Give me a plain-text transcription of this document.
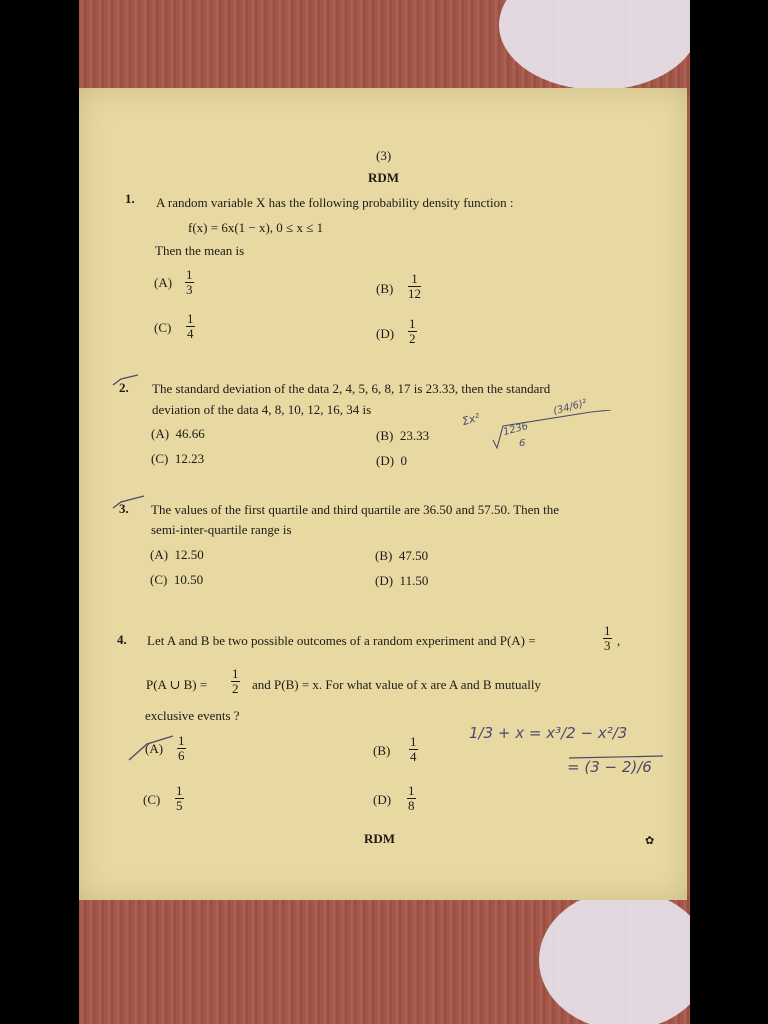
(3)
RDM
1. A random variable X has the following probability density function :
f(x) = 6x(1 − x), 0 ≤ x ≤ 1
Then the mean is
$(A) \frac{1}{3}$	$(B) \frac{1}{12}$
$(C) \frac{1}{4}$	$(D) \frac{1}{2}$
2. The standard deviation of the data 2, 4, 5, 6, 8, 17 is 23.33, then the standard
deviation of the data 4, 8, 10, 12, 16, 34 is
(A) 46.66	(B) 23.33
(C) 12.23	(D) 0
3. The values of the first quartile and third quartile are 36.50 and 57.50. Then the
semi-inter-quartile range is
(A) 12.50	(B) 47.50
(C) 10.50	(D) 11.50
4. Let A and B be two possible outcomes of a random experiment and P(A) =	$\frac{1}{3}$ ,
P(A ∪ $B) = \frac{1}{2}$ and P(B) = x. For what value of x are A and B mutually
exclusive events ?
$(A) \frac{1}{6}$	$(B) \frac{1}{4}$
$(C) \frac{1}{5}$	$(D) \frac{1}{8}$
RDM	✿
Σx²
1236
6
(34/6)²
1/3 + x = x³/2 − x²/3
= (3 − 2)/6
